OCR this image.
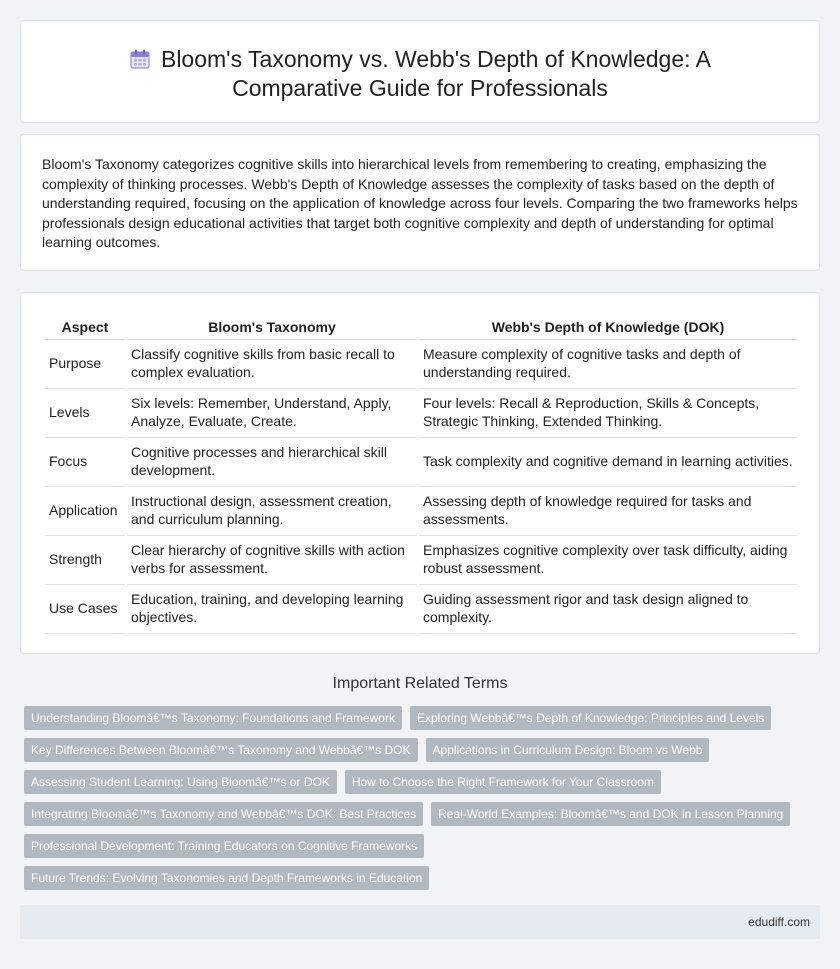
Bloom's Taxonomy vs. Webb's Depth of Knowledge: A
Comparative Guide for Professionals

Bloom's Taxonomy categorizes cognitive skills into hierarchical levels from remembering to creating, emphasizing the complexity of thinking processes. Webb's Depth of Knowledge assesses the complexity of tasks based on the depth of understanding required, focusing on the application of knowledge across four levels. Comparing the two frameworks helps professionals design educational activities that target both cognitive complexity and depth of understanding for optimal learning outcomes.

Aspect	Bloom's Taxonomy	Webb's Depth of Knowledge (DOK)
Purpose	Classify cognitive skills from basic recall to complex evaluation.	Measure complexity of cognitive tasks and depth of understanding required.
Levels	Six levels: Remember, Understand, Apply, Analyze, Evaluate, Create.	Four levels: Recall & Reproduction, Skills & Concepts, Strategic Thinking, Extended Thinking.
Focus	Cognitive processes and hierarchical skill development.	Task complexity and cognitive demand in learning activities.
Application	Instructional design, assessment creation, and curriculum planning.	Assessing depth of knowledge required for tasks and assessments.
Strength	Clear hierarchy of cognitive skills with action verbs for assessment.	Emphasizes cognitive complexity over task difficulty, aiding robust assessment.
Use Cases	Education, training, and developing learning objectives.	Guiding assessment rigor and task design aligned to complexity.
Important Related Terms
Understanding Bloomâ€™s Taxonomy: Foundations and Framework	Exploring Webbâ€™s Depth of Knowledge: Principles and Levels
Key Differences Between Bloomâ€™s Taxonomy and Webbâ€™s DOK	Applications in Curriculum Design: Bloom vs Webb
Assessing Student Learning: Using Bloomâ€™s or DOK	How to Choose the Right Framework for Your Classroom
Integrating Bloomâ€™s Taxonomy and Webbâ€™s DOK: Best Practices	Real-World Examples: Bloomâ€™s and DOK in Lesson Planning
Professional Development: Training Educators on Cognitive Frameworks
Future Trends: Evolving Taxonomies and Depth Frameworks in Education
edudiff.com
